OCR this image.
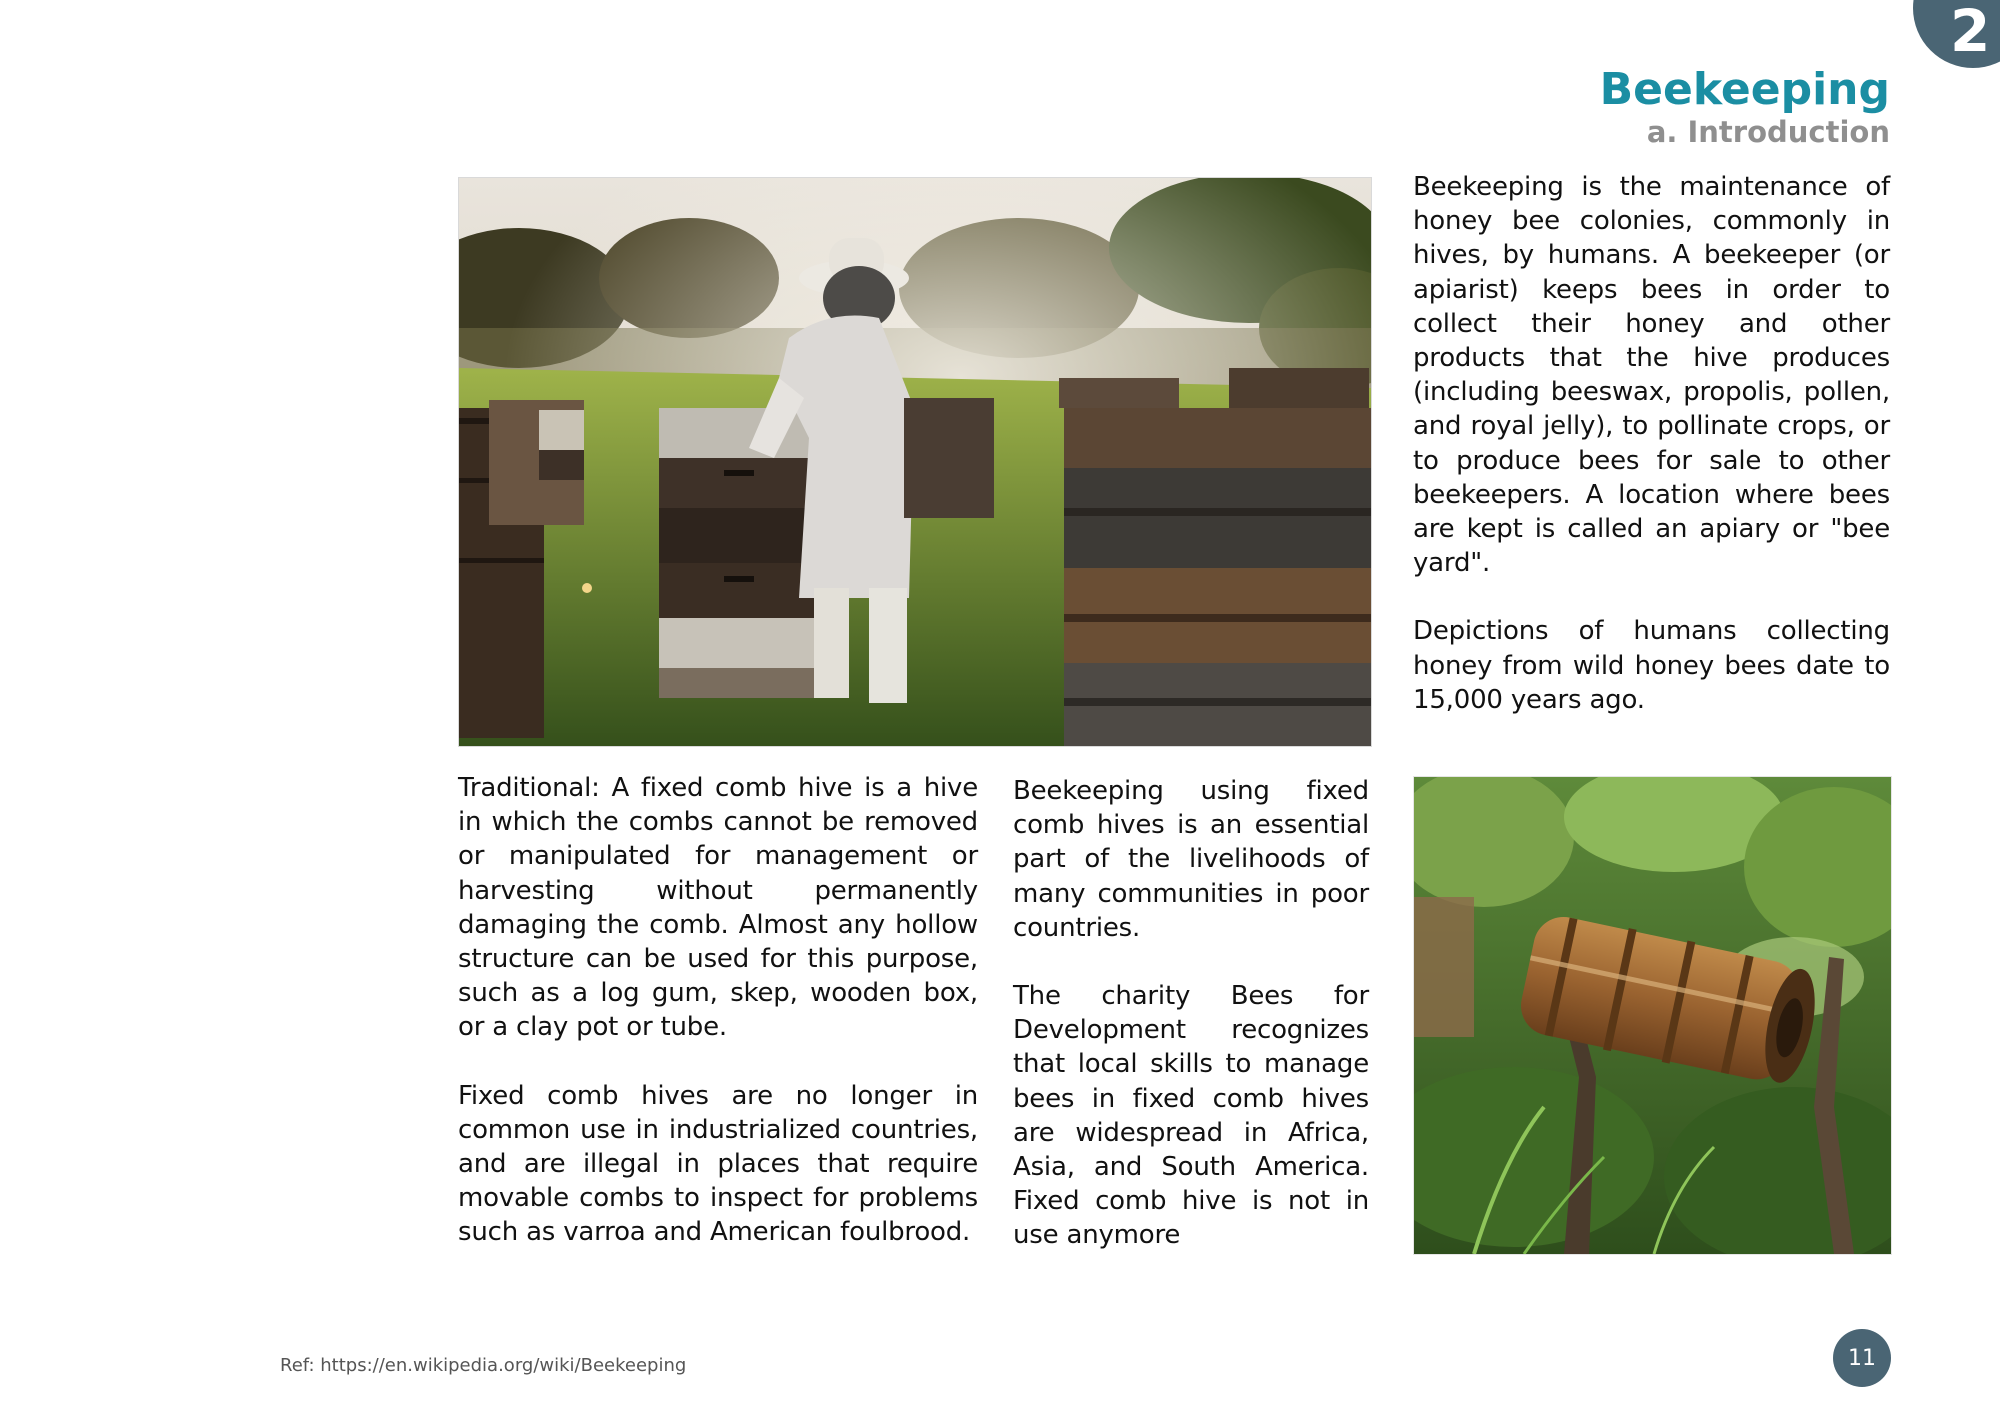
2
Beekeeping
a. Introduction

Beekeeping is the maintenance of honey bee colonies, commonly in hives, by humans. A beekeeper (or apiarist) keeps bees in order to collect their honey and other products that the hive produces (including beeswax, propolis, pollen, and royal jelly), to pollinate crops, or to produce bees for sale to other beekeepers. A location where bees are kept is called an apiary or "bee yard".

Depictions of humans collecting honey from wild honey bees date to 15,000 years ago.

Traditional: A fixed comb hive is a hive in which the combs cannot be removed or manipulated for management or harvesting without permanently damaging the comb. Almost any hollow structure can be used for this purpose, such as a log gum, skep, wooden box, or a clay pot or tube.

Fixed comb hives are no longer in common use in industrialized countries, and are illegal in places that require movable combs to inspect for problems such as varroa and American foulbrood.

Beekeeping using fixed comb hives is an essential part of the livelihoods of many communities in poor countries.

The charity Bees for Development recognizes that local skills to manage bees in fixed comb hives are widespread in Africa, Asia, and South America. Fixed comb hive is not in use anymore

Ref: https://en.wikipedia.org/wiki/Beekeeping	11
